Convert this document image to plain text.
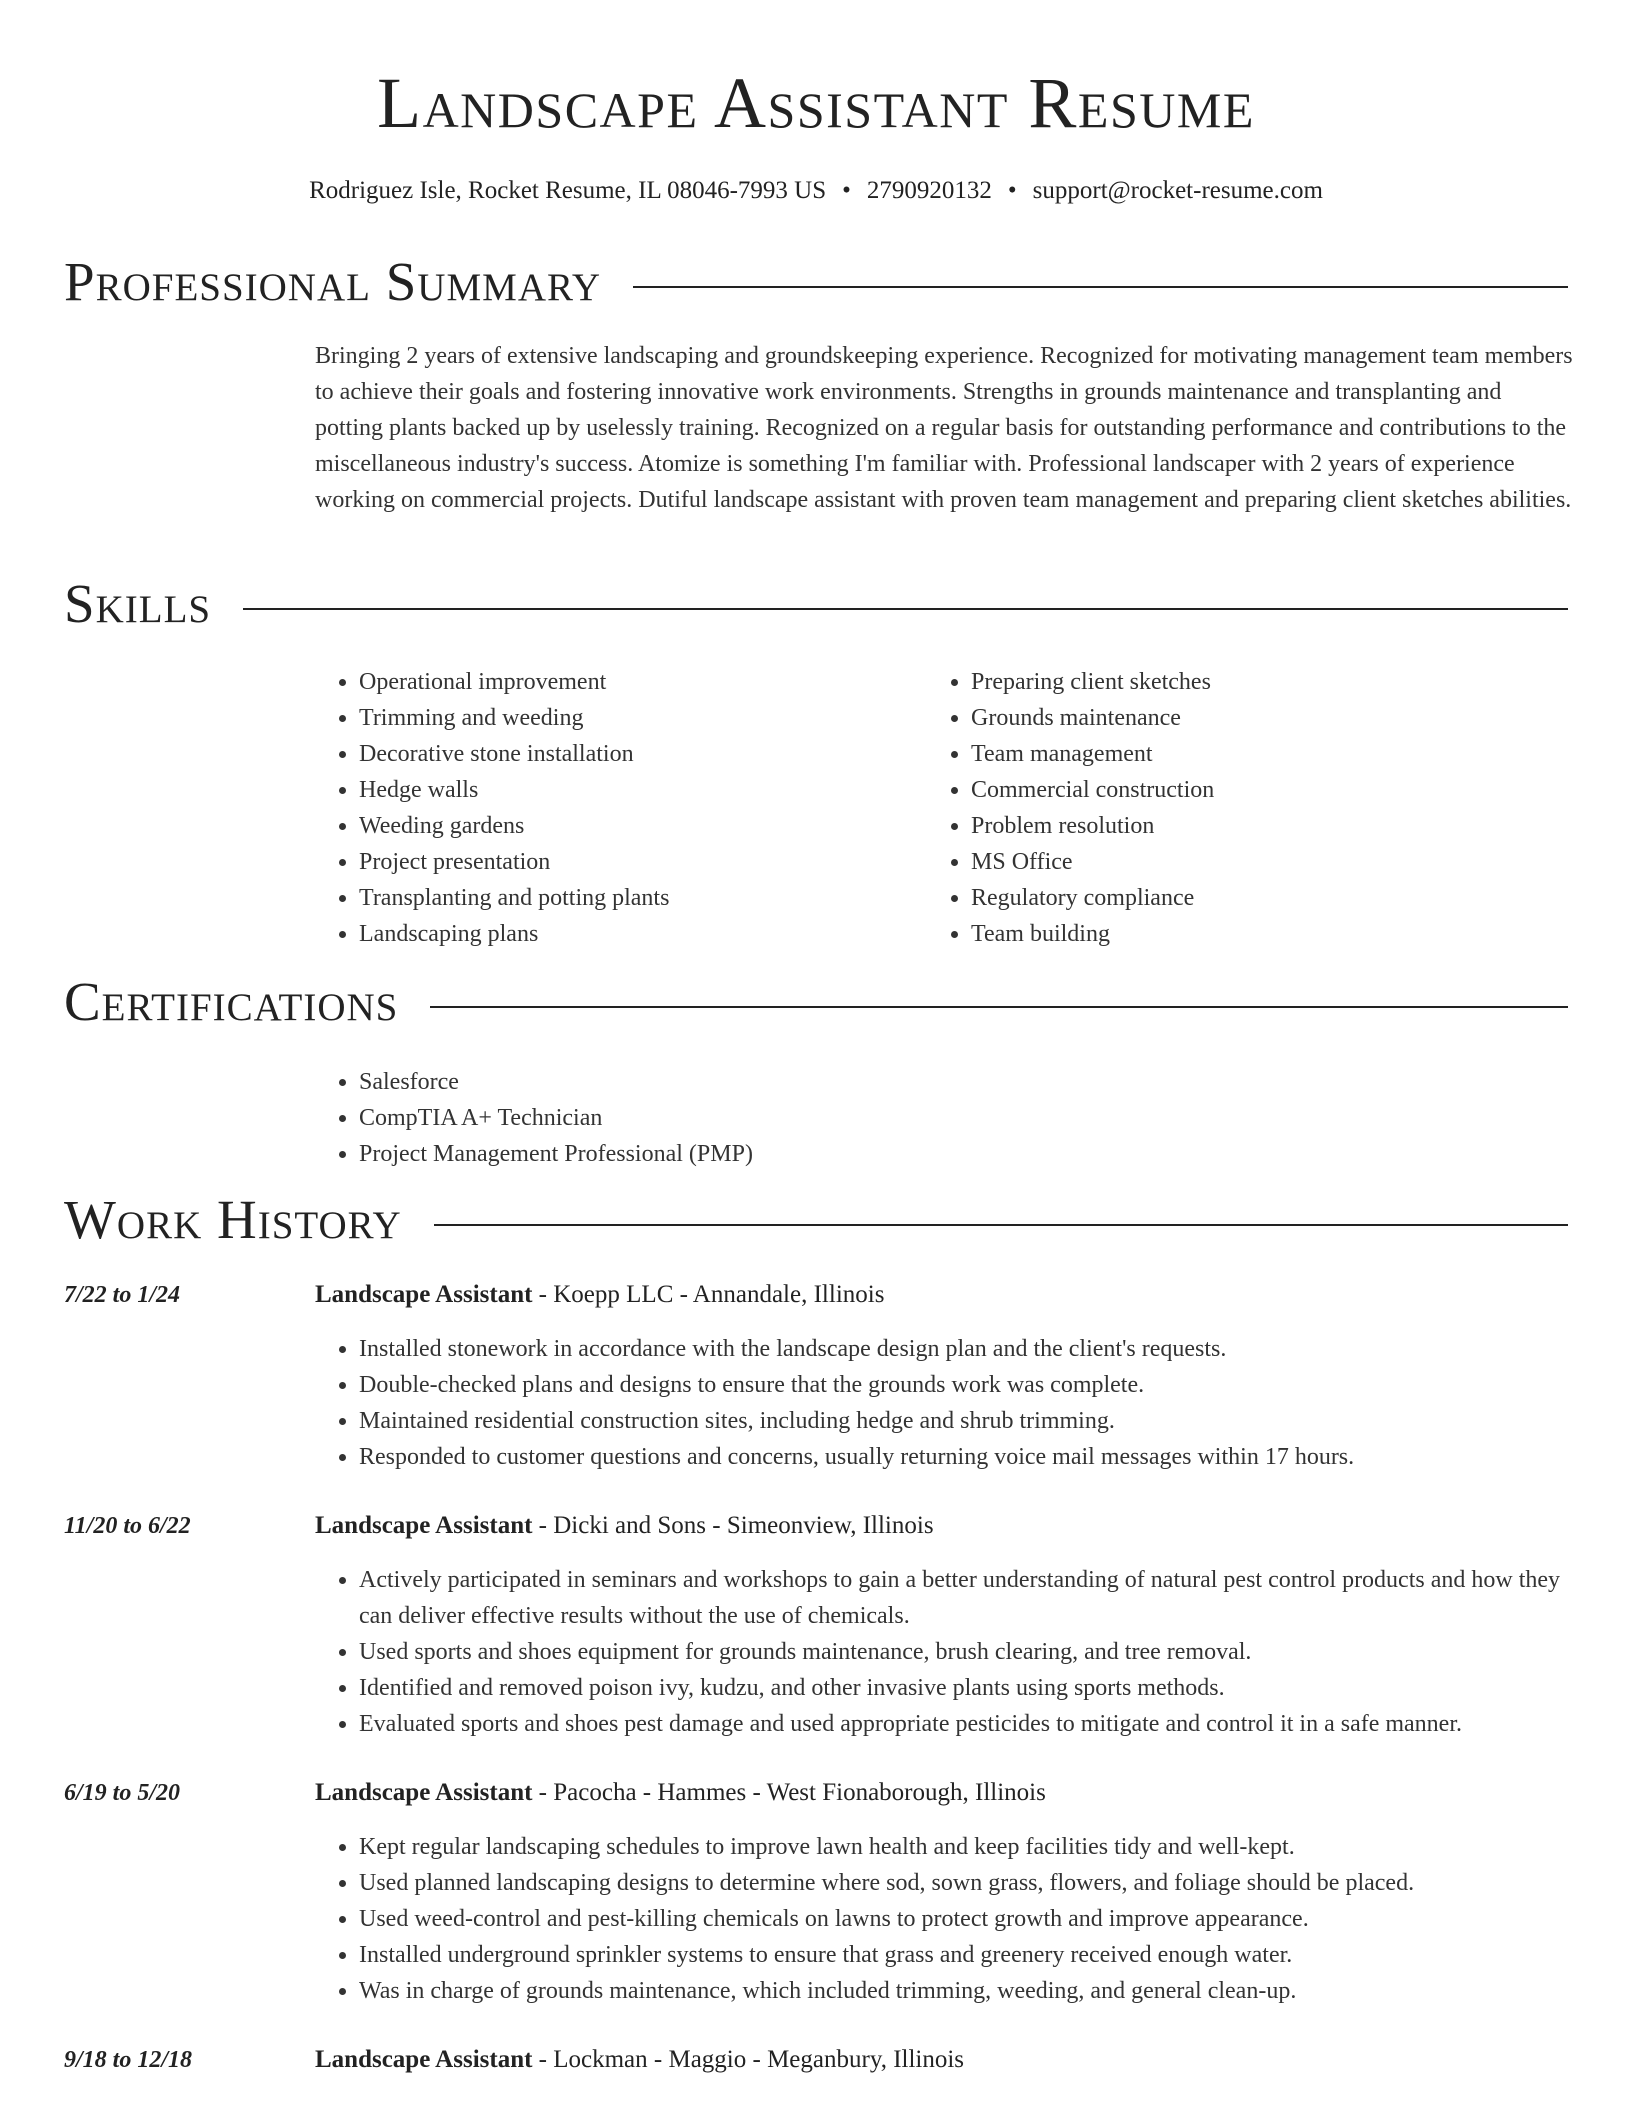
Landscape Assistant Resume
Rodriguez Isle, Rocket Resume, IL 08046-7993 US • 2790920132 • support@rocket-resume.com
Professional Summary

Bringing 2 years of extensive landscaping and groundskeeping experience. Recognized for motivating management team members to achieve their goals and fostering innovative work environments. Strengths in grounds maintenance and transplanting and potting plants backed up by uselessly training. Recognized on a regular basis for outstanding performance and contributions to the miscellaneous industry's success. Atomize is something I'm familiar with. Professional landscaper with 2 years of experience working on commercial projects. Dutiful landscape assistant with proven team management and preparing client sketches abilities.

Skills
• Operational improvement
• Trimming and weeding
• Decorative stone installation
• Hedge walls
• Weeding gardens
• Project presentation
• Transplanting and potting plants
• Landscaping plans
• Preparing client sketches
• Grounds maintenance
• Team management
• Commercial construction
• Problem resolution
• MS Office
• Regulatory compliance
• Team building
Certifications
• Salesforce
• CompTIA A+ Technician
• Project Management Professional (PMP)
Work History
7/22 to 1/24	Landscape Assistant - Koepp LLC - Annandale, Illinois
• Installed stonework in accordance with the landscape design plan and the client's requests.
• Double-checked plans and designs to ensure that the grounds work was complete.
• Maintained residential construction sites, including hedge and shrub trimming.
• Responded to customer questions and concerns, usually returning voice mail messages within 17 hours.
11/20 to 6/22	Landscape Assistant - Dicki and Sons - Simeonview, Illinois
• Actively participated in seminars and workshops to gain a better understanding of natural pest control products and how they can deliver effective results without the use of chemicals.
• Used sports and shoes equipment for grounds maintenance, brush clearing, and tree removal.
• Identified and removed poison ivy, kudzu, and other invasive plants using sports methods.
• Evaluated sports and shoes pest damage and used appropriate pesticides to mitigate and control it in a safe manner.
6/19 to 5/20	Landscape Assistant - Pacocha - Hammes - West Fionaborough, Illinois
• Kept regular landscaping schedules to improve lawn health and keep facilities tidy and well-kept.
• Used planned landscaping designs to determine where sod, sown grass, flowers, and foliage should be placed.
• Used weed-control and pest-killing chemicals on lawns to protect growth and improve appearance.
• Installed underground sprinkler systems to ensure that grass and greenery received enough water.
• Was in charge of grounds maintenance, which included trimming, weeding, and general clean-up.
9/18 to 12/18	Landscape Assistant - Lockman - Maggio - Meganbury, Illinois
